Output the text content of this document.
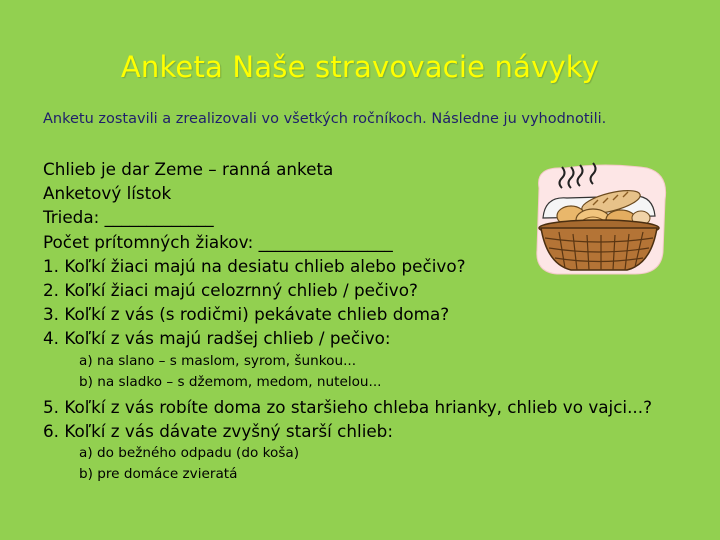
Anketa Naše stravovacie návyky
Anketu zostavili a zrealizovali vo všetkých ročníkoch. Následne ju vyhodnotili.
Chlieb je dar Zeme – ranná anketa
Anketový lístok
Trieda: _____________
Počet prítomných žiakov: ________________
1. Koľkí žiaci majú na desiatu chlieb alebo pečivo?
2. Koľkí žiaci majú celozrnný chlieb / pečivo?
3. Koľkí z vás (s rodičmi) pekávate chlieb doma?
4. Koľkí z vás majú radšej chlieb / pečivo:
a) na slano – s maslom, syrom, šunkou...
b) na sladko – s džemom, medom, nutelou...
5. Koľkí z vás robíte doma zo staršieho chleba hrianky, chlieb vo vajci...?
6. Koľkí z vás dávate zvyšný starší chlieb:
a) do bežného odpadu (do koša)
b) pre domáce zvieratá
